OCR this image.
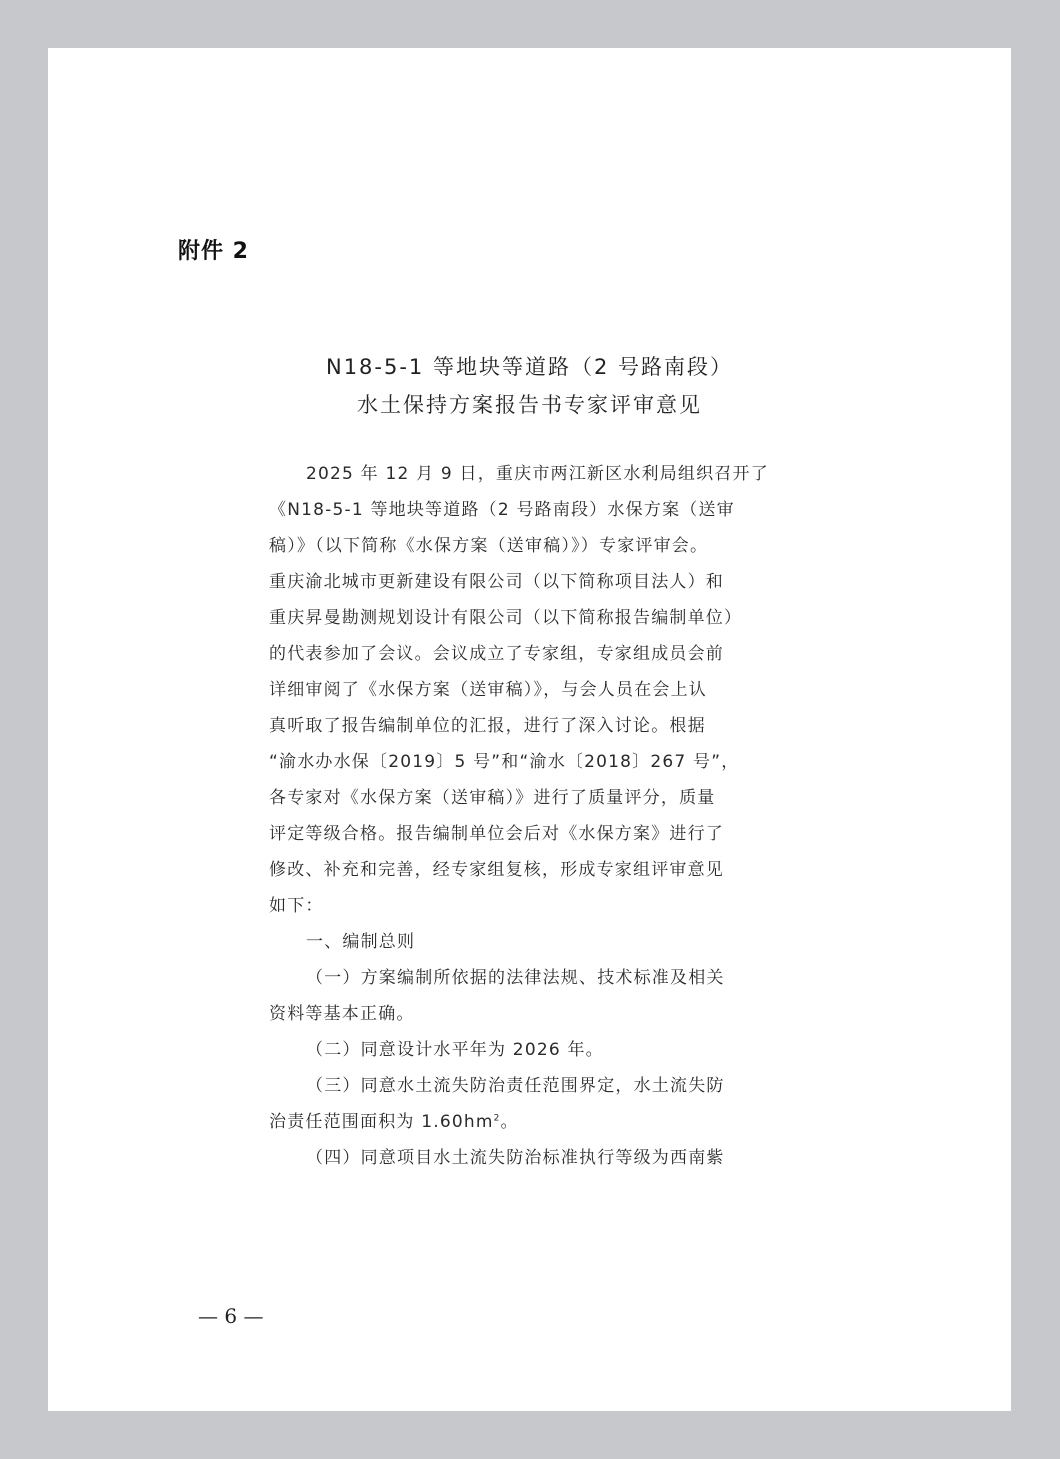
附件 2
N18-5-1 等地块等道路（2 号路南段）
水土保持方案报告书专家评审意见
2025 年 12 月 9 日，重庆市两江新区水利局组织召开了
《N18-5-1 等地块等道路（2 号路南段）水保方案（送审
稿）》（以下简称《水保方案（送审稿）》）专家评审会。
重庆渝北城市更新建设有限公司（以下简称项目法人）和
重庆昇曼勘测规划设计有限公司（以下简称报告编制单位）
的代表参加了会议。会议成立了专家组，专家组成员会前
详细审阅了《水保方案（送审稿）》，与会人员在会上认
真听取了报告编制单位的汇报，进行了深入讨论。根据
“渝水办水保〔2019〕5 号”和“渝水〔2018〕267 号”，
各专家对《水保方案（送审稿）》进行了质量评分，质量
评定等级合格。报告编制单位会后对《水保方案》进行了
修改、补充和完善，经专家组复核，形成专家组评审意见
如下：
一、编制总则
（一）方案编制所依据的法律法规、技术标准及相关
资料等基本正确。
（二）同意设计水平年为 2026 年。
（三）同意水土流失防治责任范围界定，水土流失防
治责任范围面积为 $1.60hm^2$。
（四）同意项目水土流失防治标准执行等级为西南紫
— 6 —
